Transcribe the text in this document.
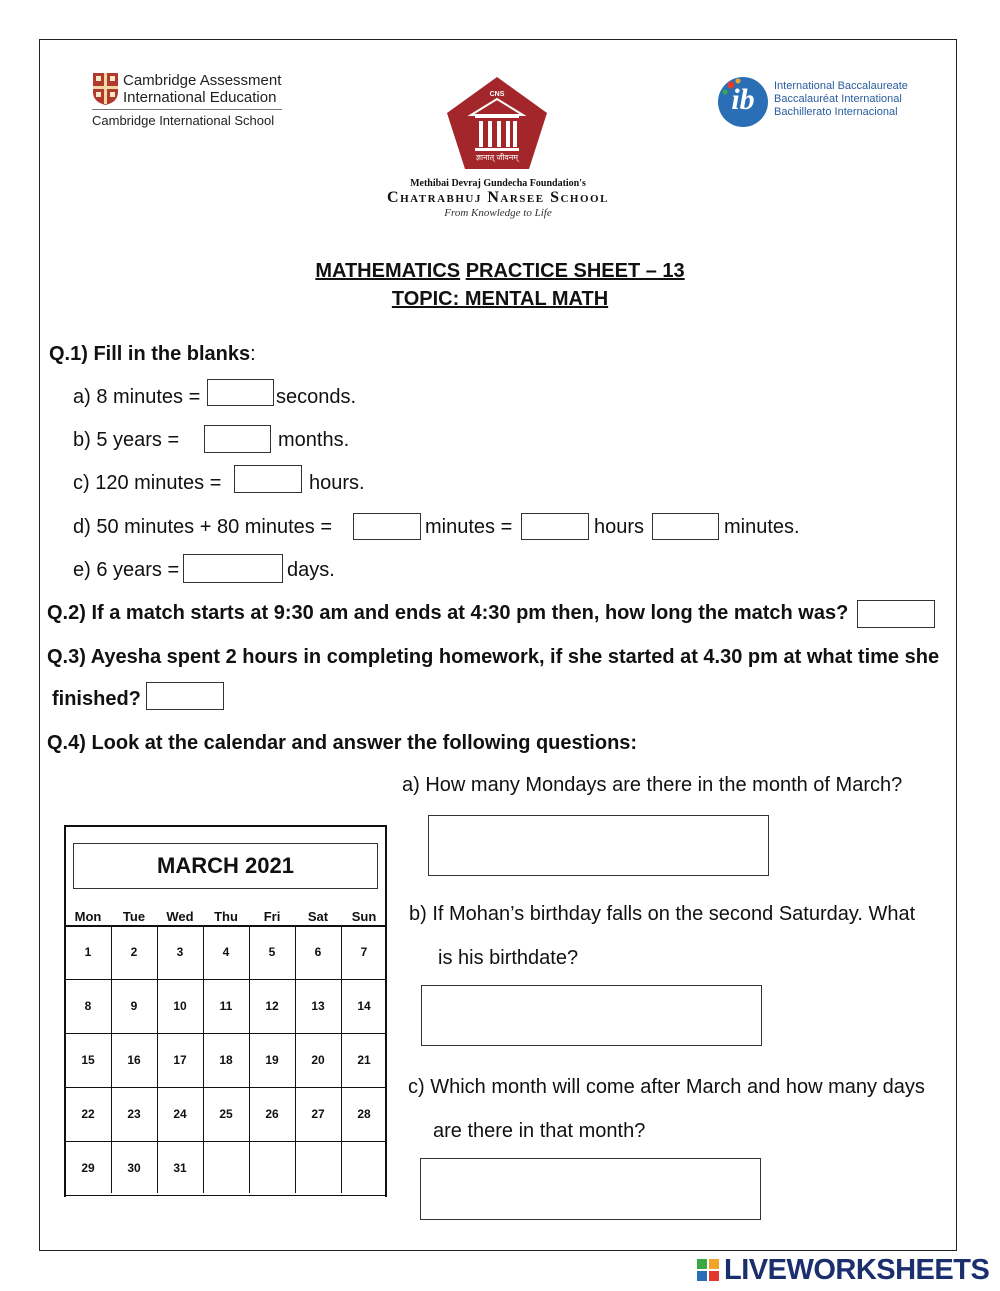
Cambridge Assessment
International Education
Cambridge International School
CNS
ज्ञानात् जीवनम्
Methibai Devraj Gundecha Foundation's
Chatrabhuj Narsee School
From Knowledge to Life
ib	International Baccalaureate
Baccalauréat International
Bachillerato Internacional
MATHEMATICS PRACTICE SHEET – 13
TOPIC: MENTAL MATH
Q.1) Fill in the blanks:
a) 8 minutes =	seconds.
b) 5 years =	months.
c) 120 minutes =	hours.
d) 50 minutes + 80 minutes =	minutes =	hours	minutes.
e) 6 years =	days.
Q.2) If a match starts at 9:30 am and ends at 4:30 pm then, how long the match was?
Q.3) Ayesha spent 2 hours in completing homework, if she started at 4.30 pm at what time she
finished?
Q.4) Look at the calendar and answer the following questions:
a) How many Mondays are there in the month of March?
b) If Mohan’s birthday falls on the second Saturday. What
is his birthdate?
c) Which month will come after March and how many days
are there in that month?
MARCH 2021
Mon	Tue	Wed	Thu	Fri	Sat	Sun
1	2	3	4	5	6	7
8	9	10	11	12	13	14
15	16	17	18	19	20	21
22	23	24	25	26	27	28
29	30	31
LIVEWORKSHEETS
